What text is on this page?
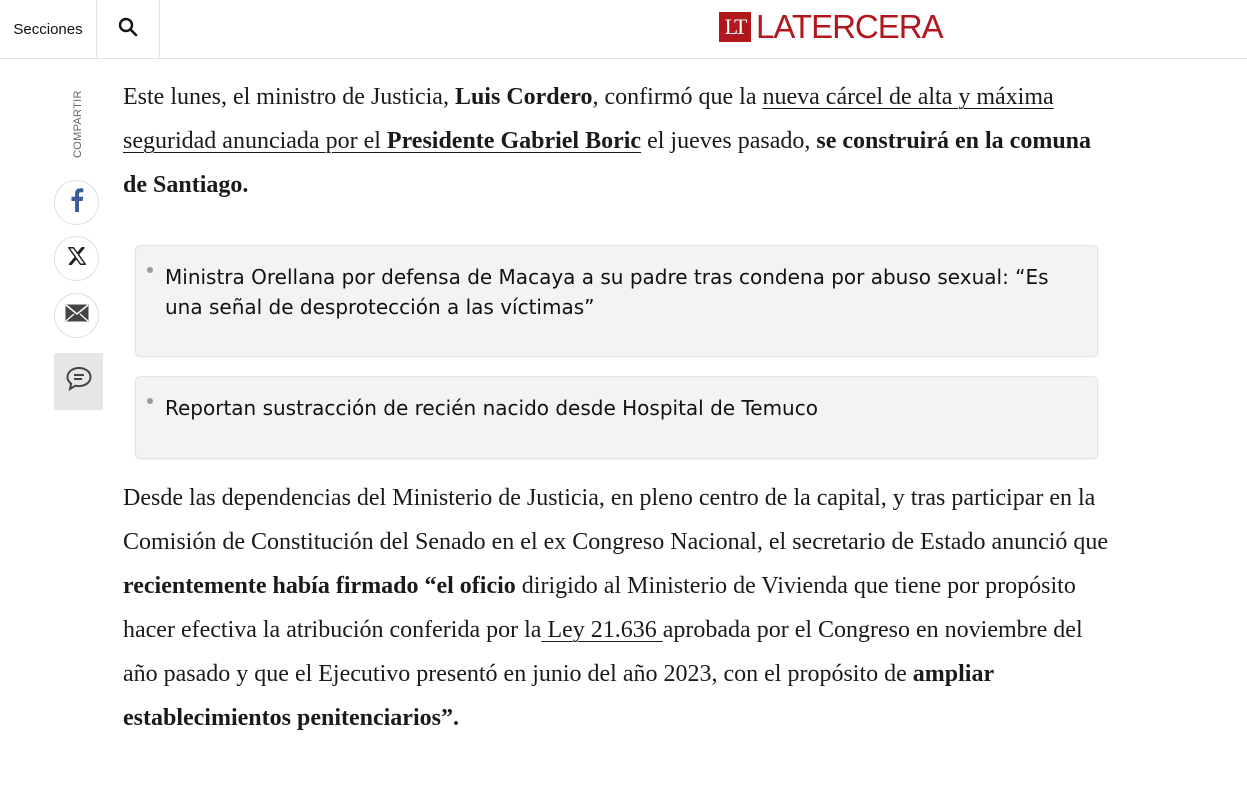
Secciones	LT LATERCERA
COMPARTIR Este lunes, el ministro de Justicia, Luis Cordero, confirmó que la nueva cárcel de alta y máxima seguridad anunciada por el Presidente Gabriel Boric el jueves pasado, se construirá en la comuna de Santiago.

Ministra Orellana por defensa de Macaya a su padre tras condena por abuso sexual: “Es una señal de desprotección a las víctimas”
Reportan sustracción de recién nacido desde Hospital de Temuco

Desde las dependencias del Ministerio de Justicia, en pleno centro de la capital, y tras participar en la Comisión de Constitución del Senado en el ex Congreso Nacional, el secretario de Estado anunció que recientemente había firmado “el oficio dirigido al Ministerio de Vivienda que tiene por propósito hacer efectiva la atribución conferida por la Ley 21.636 aprobada por el Congreso en noviembre del año pasado y que el Ejecutivo presentó en junio del año 2023, con el propósito de ampliar establecimientos penitenciarios”.
